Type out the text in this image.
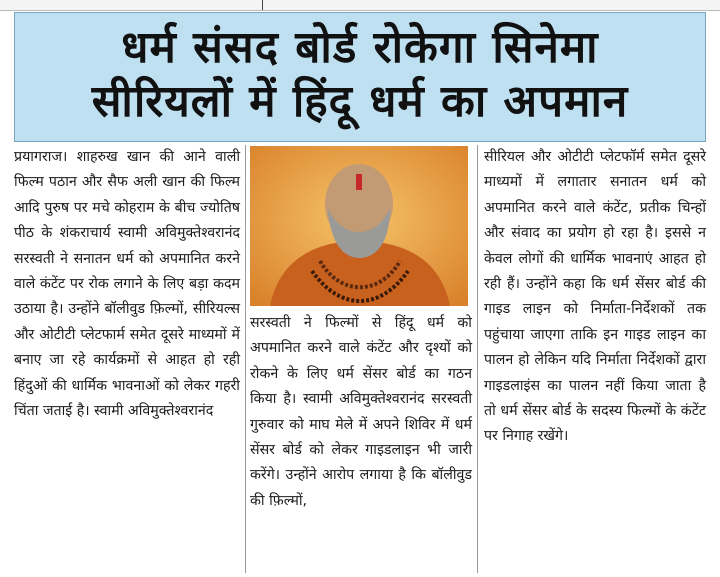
धर्म संसद बोर्ड रोकेगा सिनेमा
सीरियलों में हिंदू धर्म का अपमान
प्रयागराज। शाहरुख खान की आने वाली फिल्म पठान और सैफ अली खान की फिल्म आदि पुरुष पर मचे कोहराम के बीच ज्योतिष पीठ के शंकराचार्य स्वामी अविमुक्तेश्वरानंद सरस्वती ने सनातन धर्म को अपमानित करने वाले कंटेंट पर रोक लगाने के लिए बड़ा कदम उठाया है। उन्होंने बॉलीवुड फ़िल्मों, सीरियल्स और ओटीटी प्लेटफार्म समेत दूसरे माध्यमों में बनाए जा रहे कार्यक्रमों से आहत हो रही हिंदुओं की धार्मिक भावनाओं को लेकर गहरी चिंता जताई है। स्वामी अविमुक्तेश्वरानंद
सरस्वती ने फिल्मों से हिंदू धर्म को अपमानित करने वाले कंटेंट और दृश्यों को रोकने के लिए धर्म सेंसर बोर्ड का गठन किया है। स्वामी अविमुक्तेश्वरानंद सरस्वती गुरुवार को माघ मेले में अपने शिविर में धर्म सेंसर बोर्ड को लेकर गाइडलाइन भी जारी करेंगे। उन्होंने आरोप लगाया है कि बॉलीवुड की फ़िल्मों,
सीरियल और ओटीटी प्लेटफॉर्म समेत दूसरे माध्यमों में लगातार सनातन धर्म को अपमानित करने वाले कंटेंट, प्रतीक चिन्हों और संवाद का प्रयोग हो रहा है। इससे न केवल लोगों की धार्मिक भावनाएं आहत हो रही हैं। उन्होंने कहा कि धर्म सेंसर बोर्ड की गाइड लाइन को निर्माता-निर्देशकों तक पहुंचाया जाएगा ताकि इन गाइड लाइन का पालन हो लेकिन यदि निर्माता निर्देशकों द्वारा गाइडलाइंस का पालन नहीं किया जाता है तो धर्म सेंसर बोर्ड के सदस्य फिल्मों के कंटेंट पर निगाह रखेंगे।
